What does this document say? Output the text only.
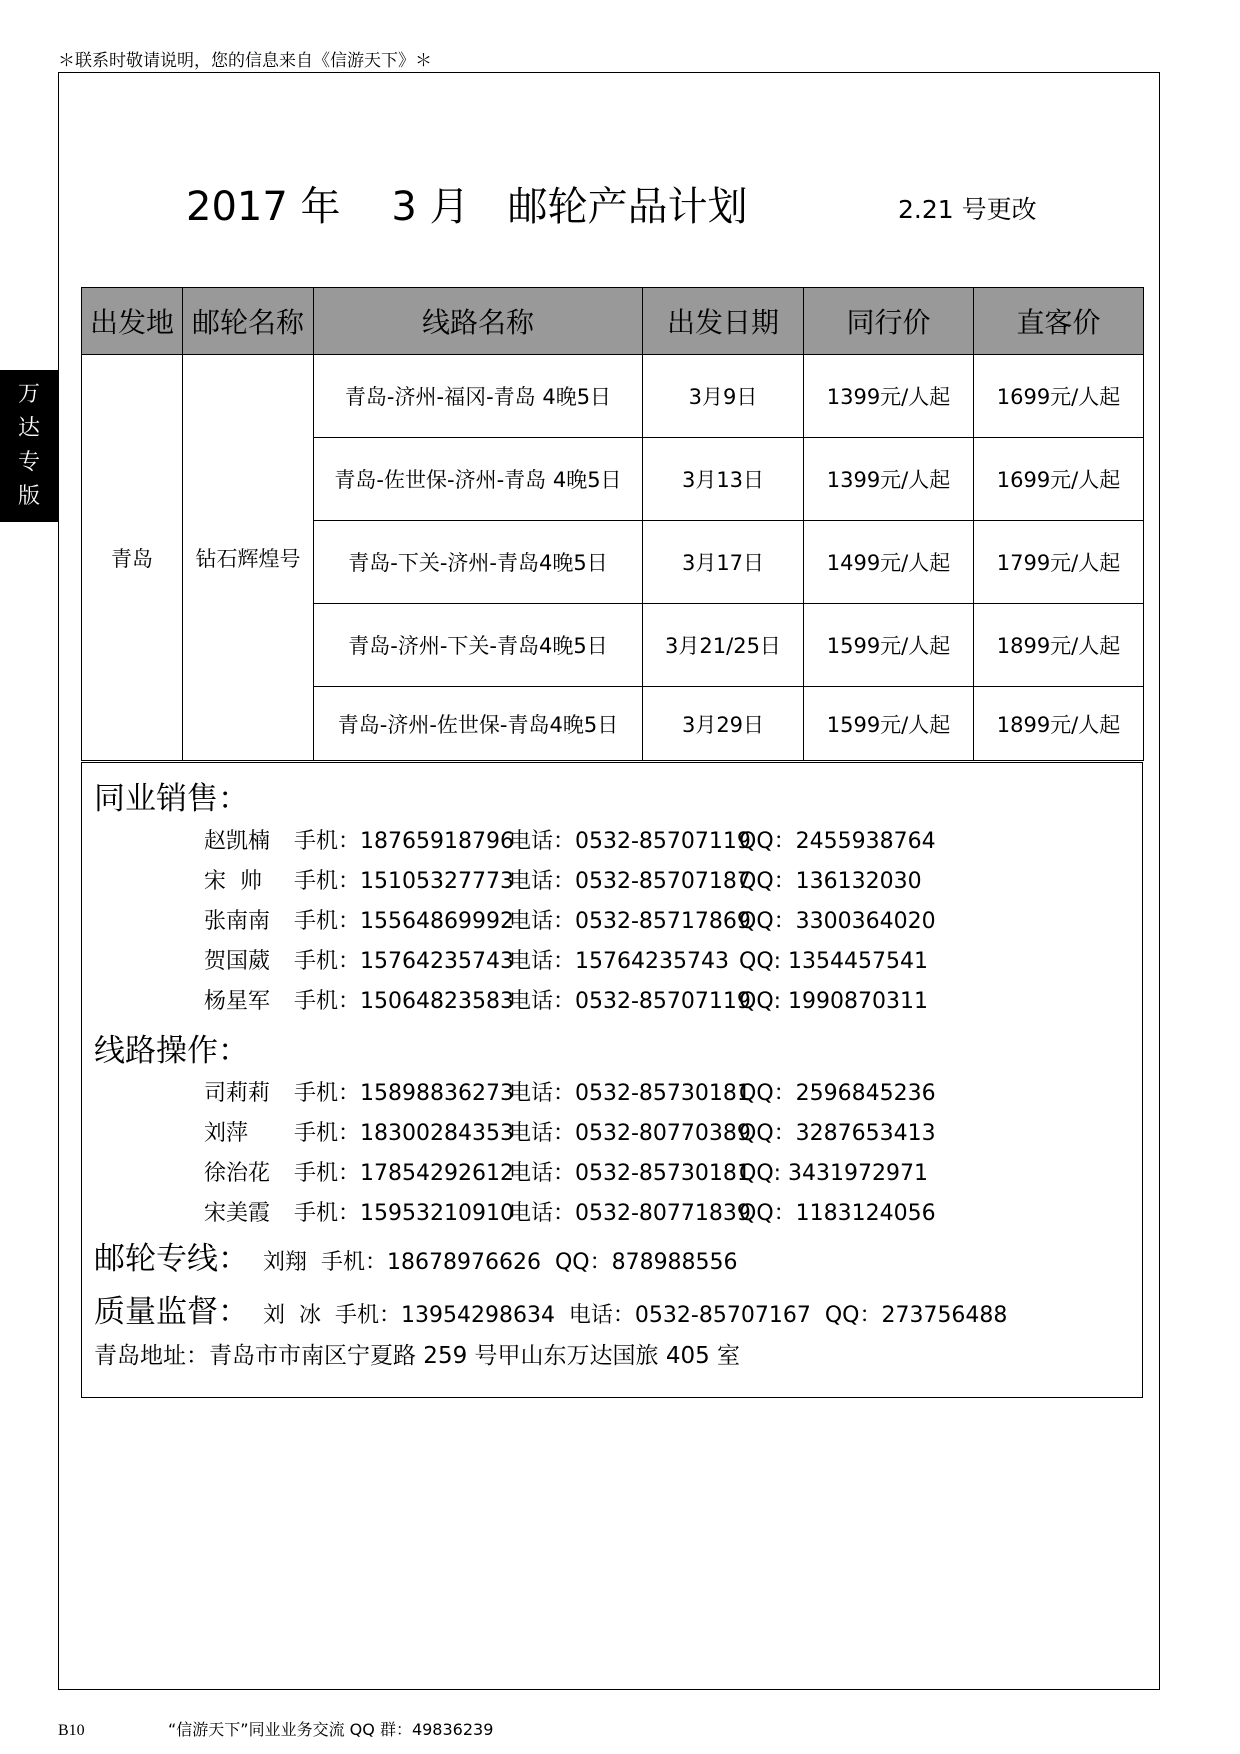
＊联系时敬请说明，您的信息来自《信游天下》＊
万
达
专
版
2017 年    3 月   邮轮产品计划	2.21 号更改
出发地	邮轮名称	线路名称	出发日期	同行价	直客价
青岛	钻石辉煌号	青岛-济州-福冈-青岛 4晚5日	3月9日	1399元/人起	1699元/人起
		青岛-佐世保-济州-青岛 4晚5日	3月13日	1399元/人起	1699元/人起
		青岛-下关-济州-青岛4晚5日	3月17日	1499元/人起	1799元/人起
		青岛-济州-下关-青岛4晚5日	3月21/25日	1599元/人起	1899元/人起
		青岛-济州-佐世保-青岛4晚5日	3月29日	1599元/人起	1899元/人起
同业销售：
赵凯楠 手机：18765918796电话：0532-85707119QQ：2455938764
宋  帅 手机：15105327773电话：0532-85707187QQ：136132030
张南南 手机：15564869992电话：0532-85717869QQ：3300364020
贺国葳 手机：15764235743电话：15764235743 QQ: 1354457541
杨星军 手机：15064823583电话：0532-85707119QQ: 1990870311
线路操作：
司莉莉 手机：15898836273电话：0532-85730181QQ：2596845236
刘萍 手机：18300284353电话：0532-80770389QQ：3287653413
徐治花 手机：17854292612电话：0532-85730181QQ: 3431972971
宋美霞 手机：15953210910电话：0532-80771839QQ：1183124056
邮轮专线： 刘翔  手机：18678976626  QQ：878988556
质量监督： 刘  冰  手机：13954298634  电话：0532-85707167  QQ：273756488
青岛地址：青岛市市南区宁夏路 259 号甲山东万达国旅 405 室
B10	“信游天下”同业业务交流 QQ 群：49836239
